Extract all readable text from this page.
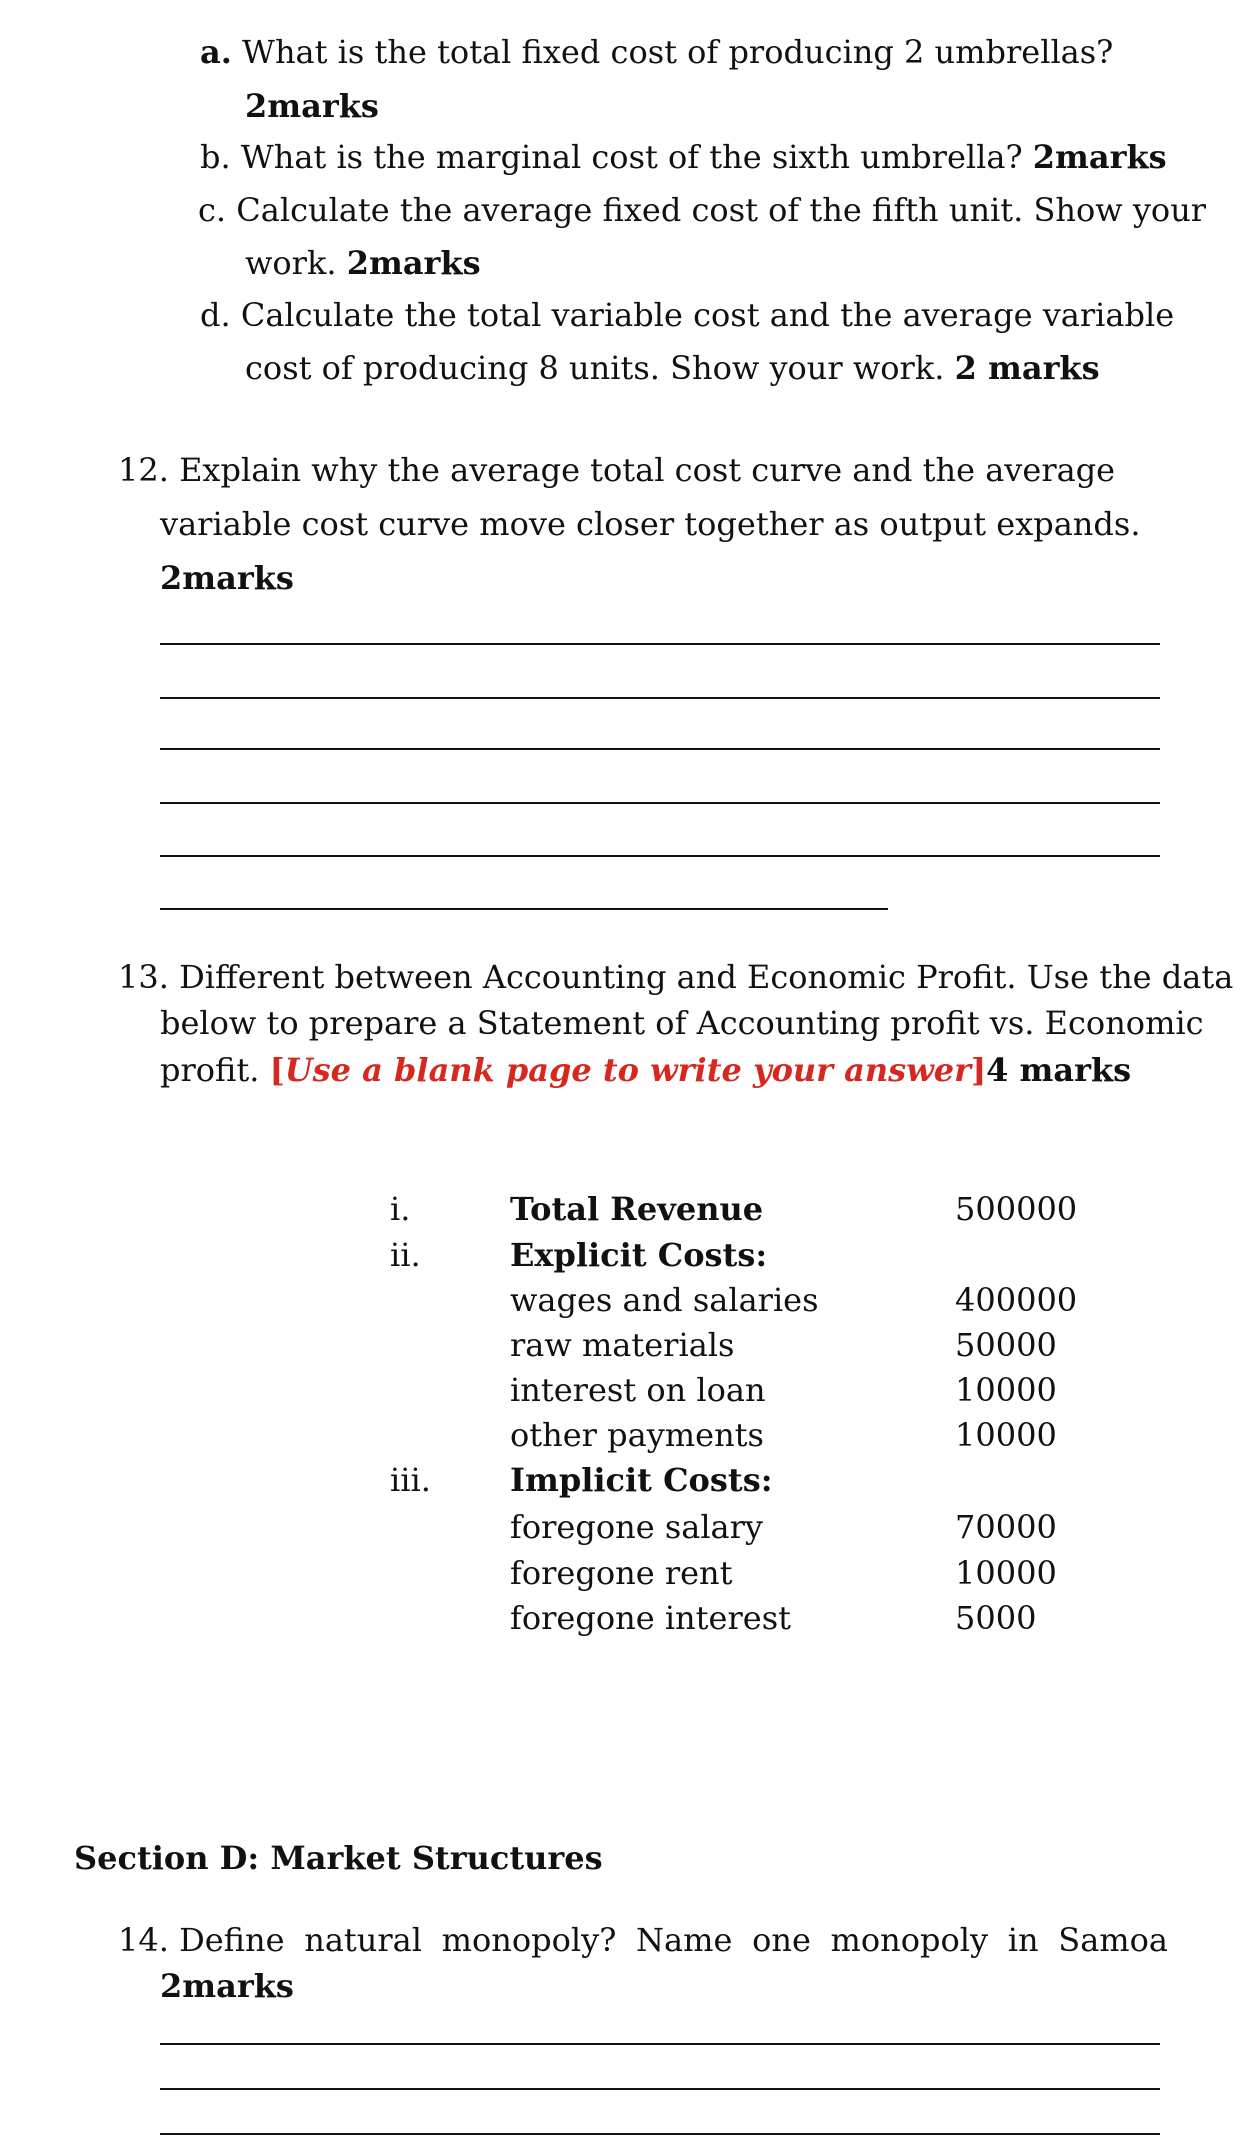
a. What is the total fixed cost of producing 2 umbrellas?
2marks
b. What is the marginal cost of the sixth umbrella? 2marks
c. Calculate the average fixed cost of the fifth unit. Show your
work. 2marks
d. Calculate the total variable cost and the average variable
cost of producing 8 units. Show your work. 2 marks
12. Explain why the average total cost curve and the average
variable cost curve move closer together as output expands.
2marks
13. Different between Accounting and Economic Profit. Use the data
below to prepare a Statement of Accounting profit vs. Economic
profit. [Use a blank page to write your answer]4 marks
i.	Total Revenue	500000
ii.	Explicit Costs:
wages and salaries	400000
raw materials	50000
interest on loan	10000
other payments	10000
iii. Implicit Costs:
foregone salary	70000
foregone rent	10000
foregone interest	5000
Section D: Market Structures
14. Define natural monopoly? Name one monopoly in Samoa
2marks
